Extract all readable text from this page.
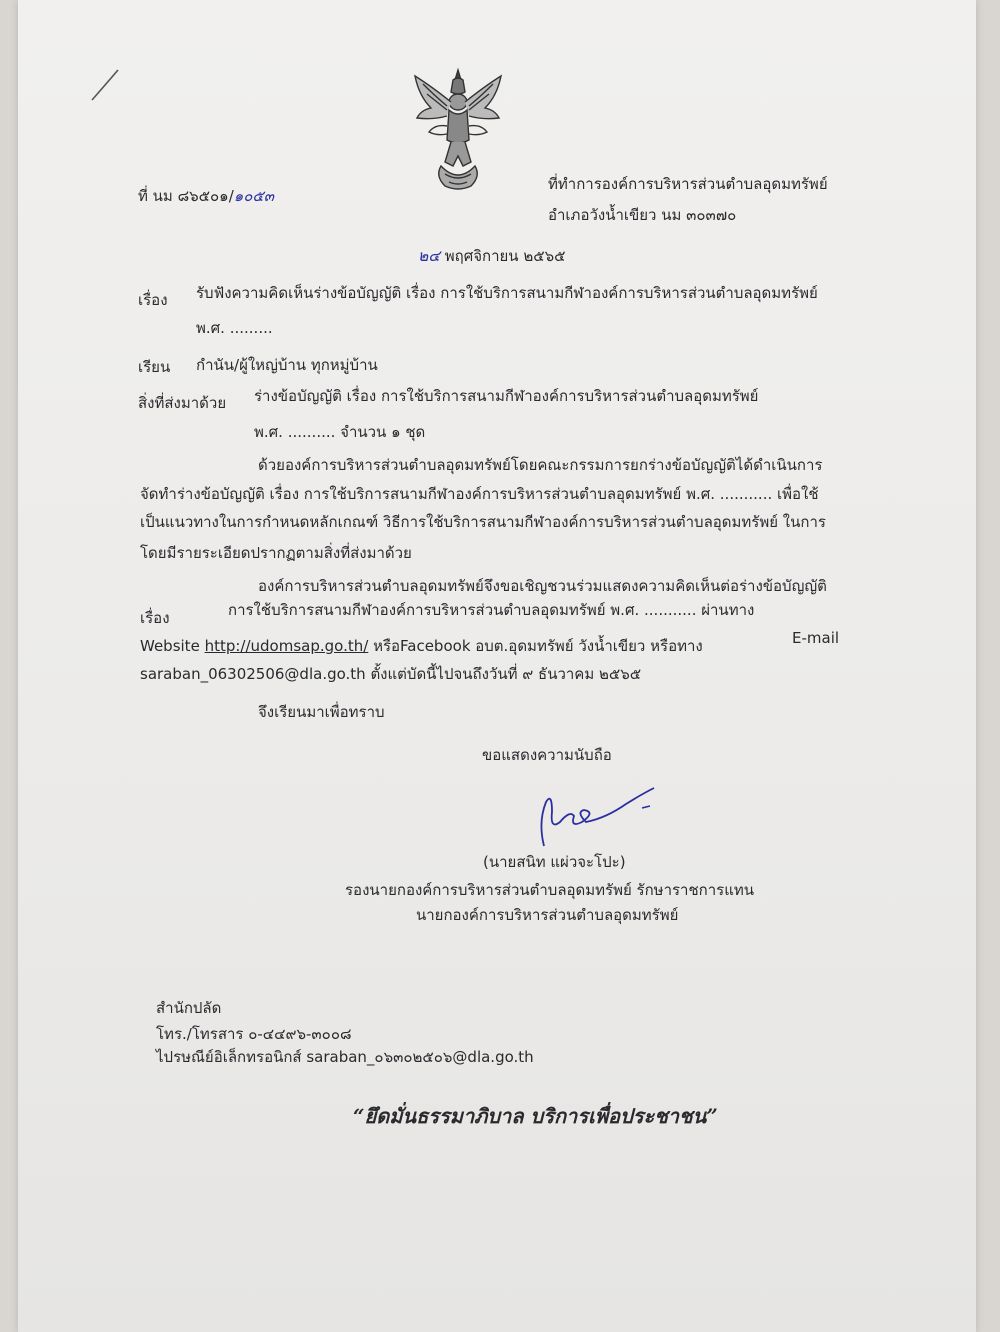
ที่ นม ๘๖๕๐๑/๑๐๕๓
ที่ทำการองค์การบริหารส่วนตำบลอุดมทรัพย์
อำเภอวังน้ำเขียว นม ๓๐๓๗๐
๒๔ พฤศจิกายน ๒๕๖๕
เรื่อง รับฟังความคิดเห็นร่างข้อบัญญัติ เรื่อง การใช้บริการสนามกีฬาองค์การบริหารส่วนตำบลอุดมทรัพย์
พ.ศ. .........
เรียน กำนัน/ผู้ใหญ่บ้าน ทุกหมู่บ้าน
สิ่งที่ส่งมาด้วย ร่างข้อบัญญัติ เรื่อง การใช้บริการสนามกีฬาองค์การบริหารส่วนตำบลอุดมทรัพย์
พ.ศ. .......... จำนวน ๑ ชุด
ด้วยองค์การบริหารส่วนตำบลอุดมทรัพย์โดยคณะกรรมการยกร่างข้อบัญญัติได้ดำเนินการ
จัดทำร่างข้อบัญญัติ เรื่อง การใช้บริการสนามกีฬาองค์การบริหารส่วนตำบลอุดมทรัพย์ พ.ศ. ........... เพื่อใช้
เป็นแนวทางในการกำหนดหลักเกณฑ์ วิธีการใช้บริการสนามกีฬาองค์การบริหารส่วนตำบลอุดมทรัพย์ ในการ
โดยมีรายระเอียดปรากฏตามสิ่งที่ส่งมาด้วย
องค์การบริหารส่วนตำบลอุดมทรัพย์จึงขอเชิญชวนร่วมแสดงความคิดเห็นต่อร่างข้อบัญญัติ
เรื่อง	การใช้บริการสนามกีฬาองค์การบริหารส่วนตำบลอุดมทรัพย์ พ.ศ. ........... ผ่านทาง
Website http://udomsap.go.th/ หรือFacebook อบต.อุดมทรัพย์ วังน้ำเขียว หรือทาง	E-mail
saraban_06302506@dla.go.th ตั้งแต่บัดนี้ไปจนถึงวันที่ ๙ ธันวาคม ๒๕๖๕
จึงเรียนมาเพื่อทราบ
ขอแสดงความนับถือ
(นายสนิท แผ่วจะโปะ)
รองนายกองค์การบริหารส่วนตำบลอุดมทรัพย์ รักษาราชการแทน
นายกองค์การบริหารส่วนตำบลอุดมทรัพย์
สำนักปลัด
โทร./โทรสาร ๐-๔๔๙๖-๓๐๐๘
ไปรษณีย์อิเล็กทรอนิกส์ saraban_๐๖๓๐๒๕๐๖@dla.go.th
“ยึดมั่นธรรมาภิบาล บริการเพื่อประชาชน”
